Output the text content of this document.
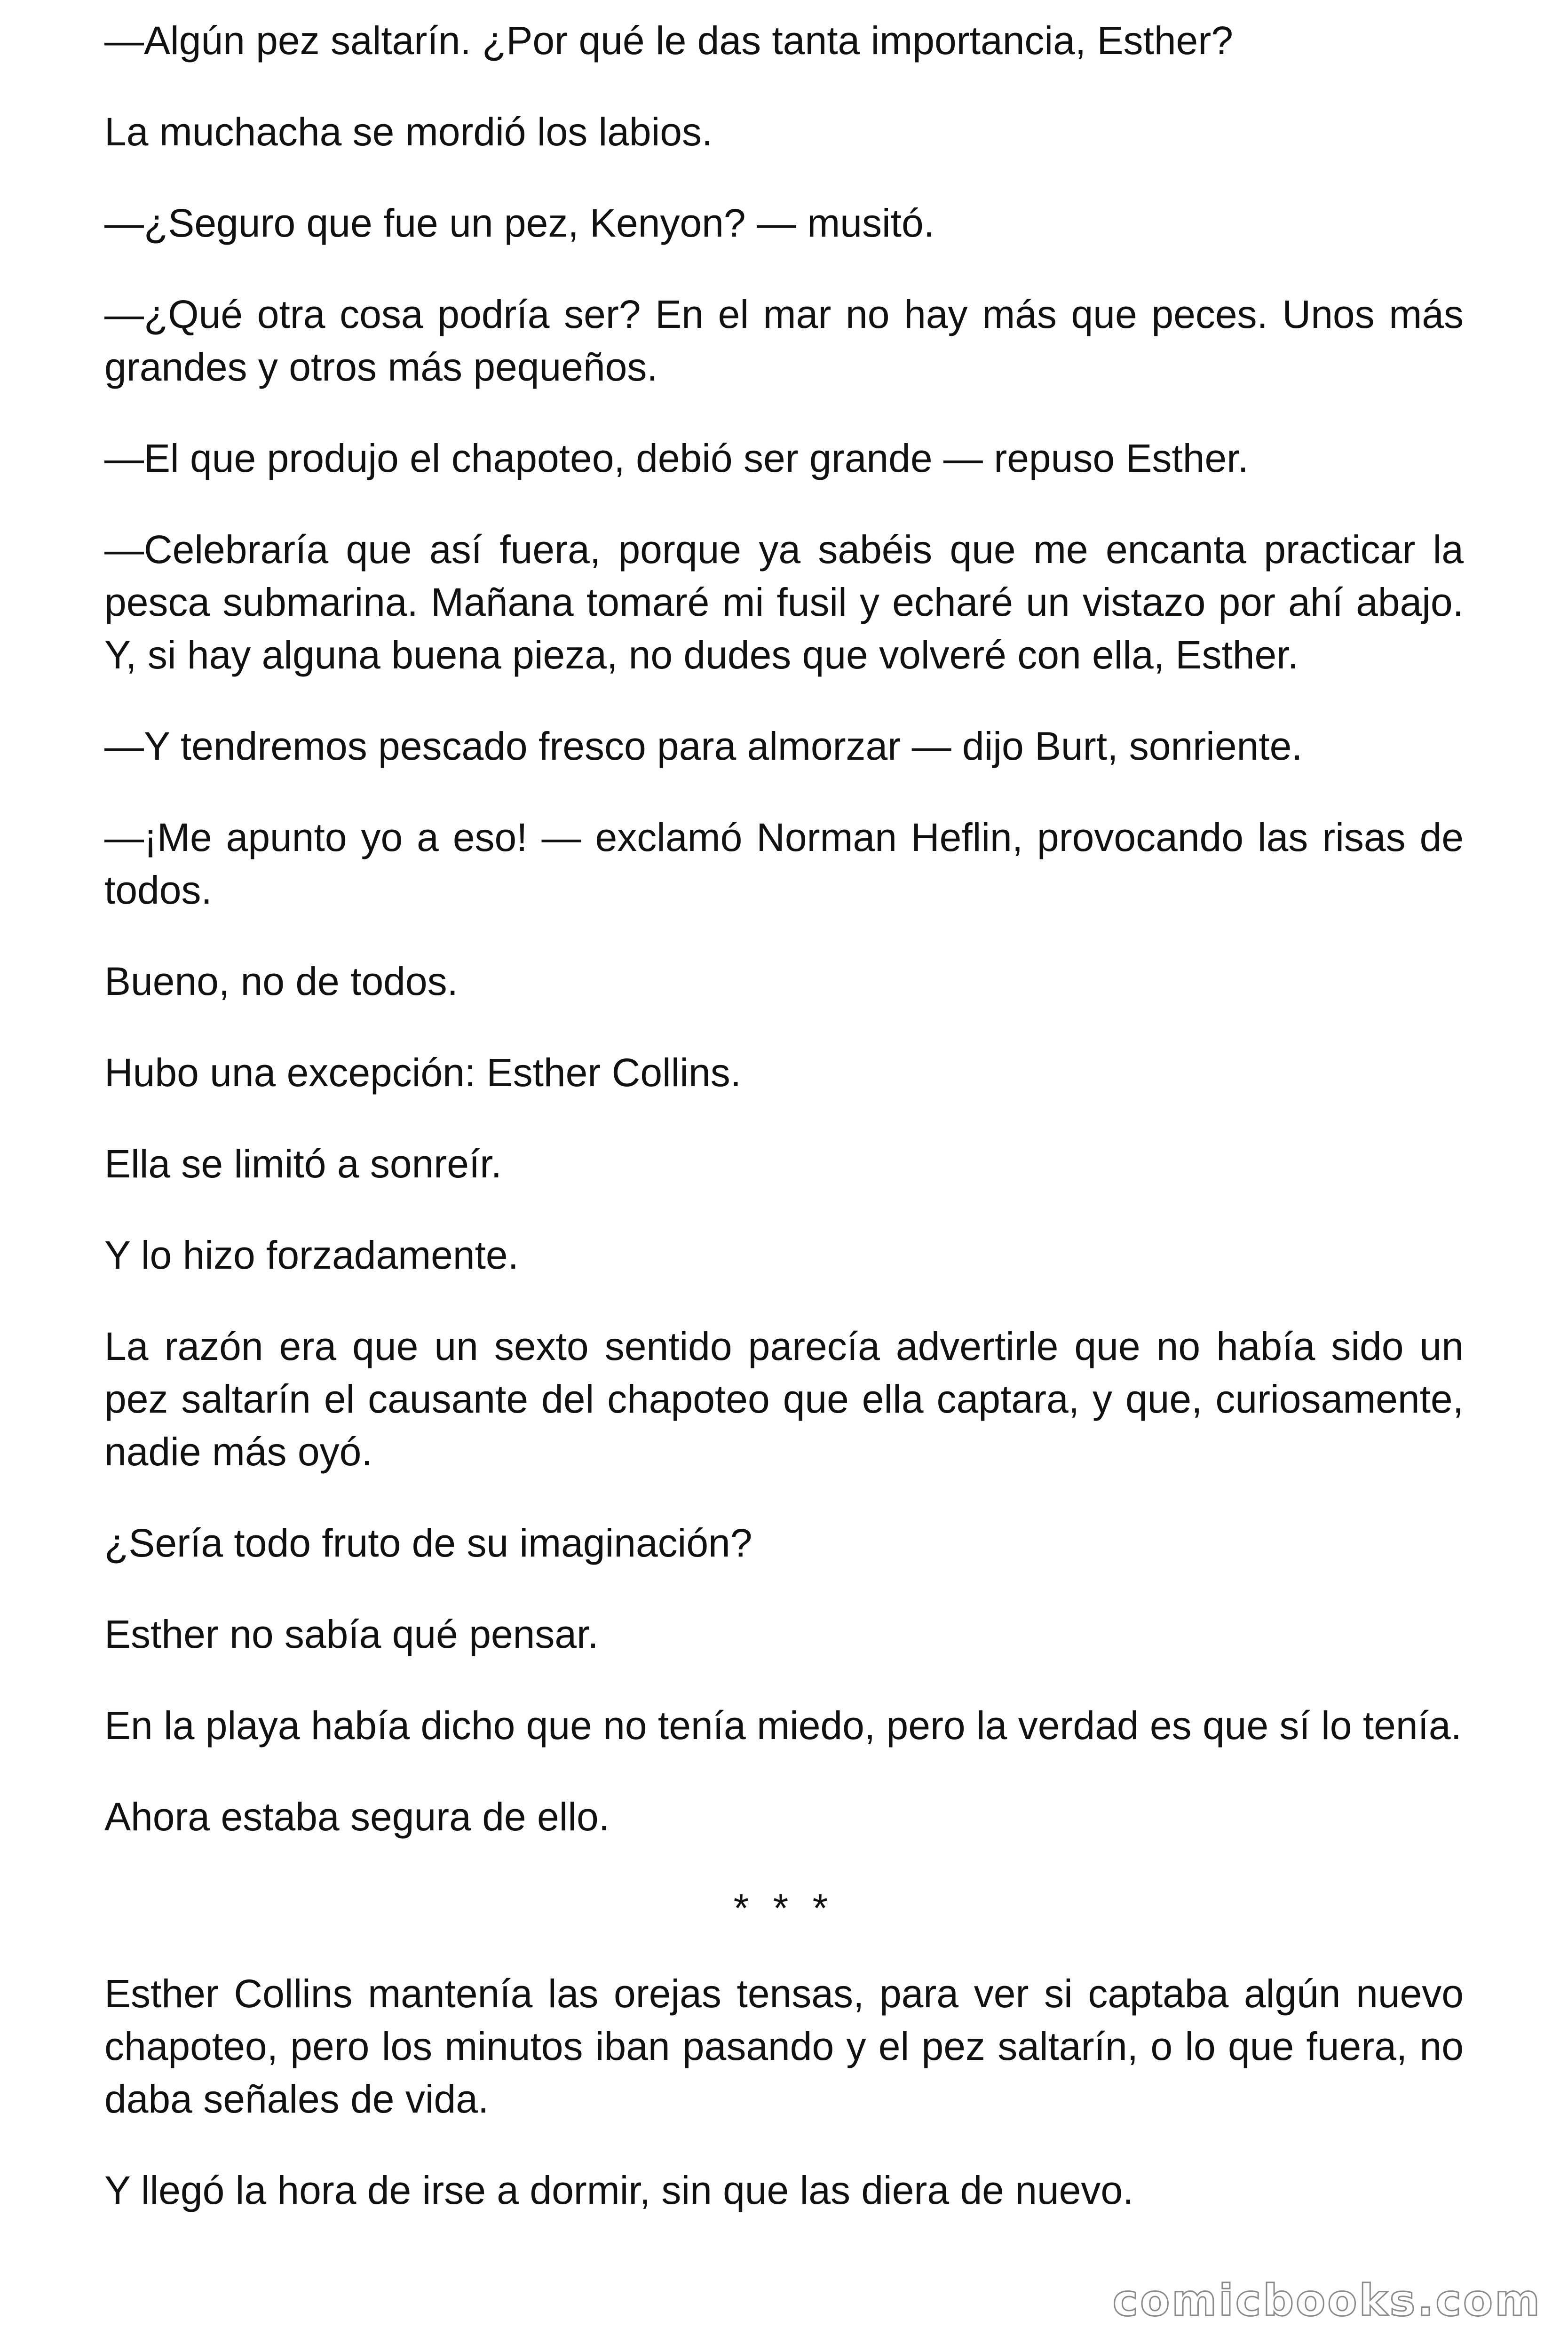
—Algún pez saltarín. ¿Por qué le das tanta importancia, Esther?

La muchacha se mordió los labios.

—¿Seguro que fue un pez, Kenyon? — musitó.

—¿Qué otra cosa podría ser? En el mar no hay más que peces. Unos más grandes y otros más pequeños.

—El que produjo el chapoteo, debió ser grande — repuso Esther.

—Celebraría que así fuera, porque ya sabéis que me encanta practicar la pesca submarina. Mañana tomaré mi fusil y echaré un vistazo por ahí abajo. Y, si hay alguna buena pieza, no dudes que volveré con ella, Esther.

—Y tendremos pescado fresco para almorzar — dijo Burt, sonriente.

—¡Me apunto yo a eso! — exclamó Norman Heflin, provocando las risas de todos.

Bueno, no de todos.

Hubo una excepción: Esther Collins.

Ella se limitó a sonreír.

Y lo hizo forzadamente.

La razón era que un sexto sentido parecía advertirle que no había sido un pez saltarín el causante del chapoteo que ella captara, y que, curiosamente, nadie más oyó.

¿Sería todo fruto de su imaginación?

Esther no sabía qué pensar.

En la playa había dicho que no tenía miedo, pero la verdad es que sí lo tenía.

Ahora estaba segura de ello.

* * *

Esther Collins mantenía las orejas tensas, para ver si captaba algún nuevo chapoteo, pero los minutos iban pasando y el pez saltarín, o lo que fuera, no daba señales de vida.

Y llegó la hora de irse a dormir, sin que las diera de nuevo.

comicbooks.com
